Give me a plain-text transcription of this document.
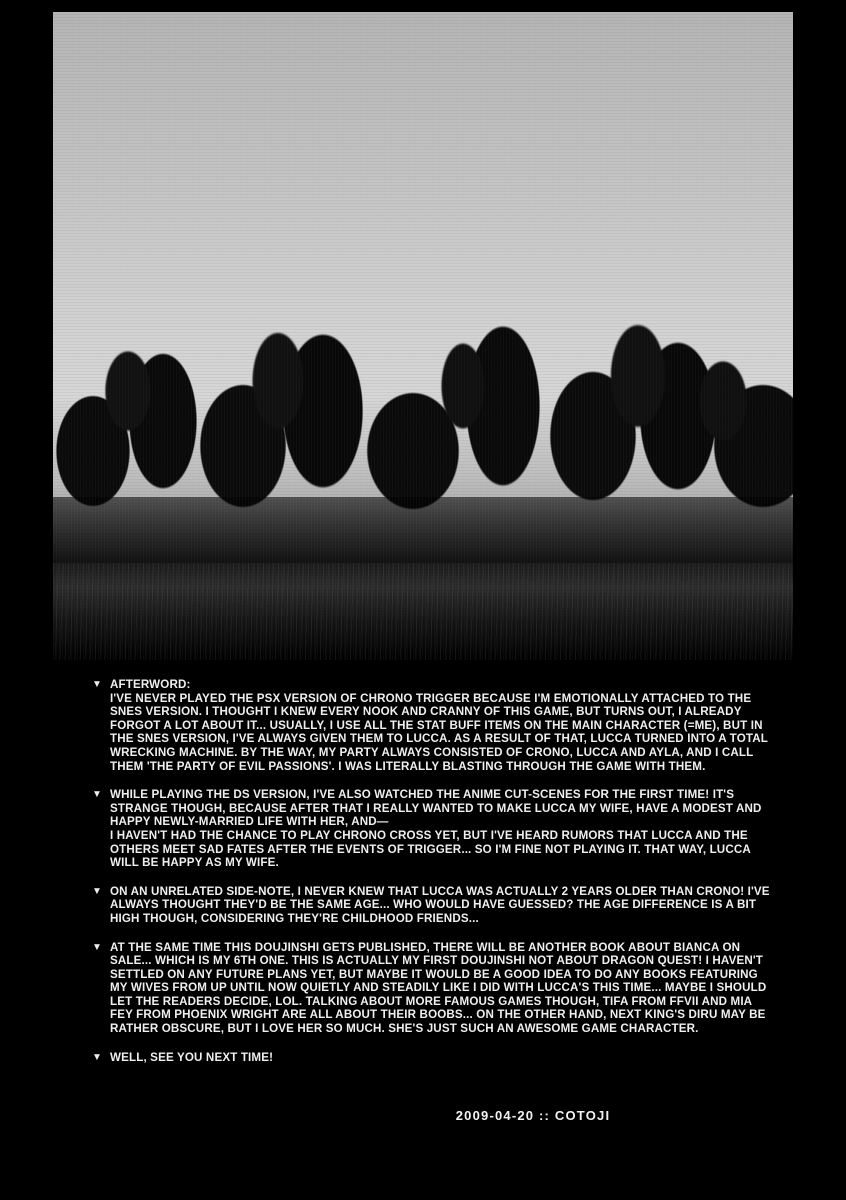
▼ AFTERWORD:
I'VE NEVER PLAYED THE PSX VERSION OF CHRONO TRIGGER BECAUSE I'M EMOTIONALLY ATTACHED TO THE SNES VERSION. I THOUGHT I KNEW EVERY NOOK AND CRANNY OF THIS GAME, BUT TURNS OUT, I ALREADY FORGOT A LOT ABOUT IT... USUALLY, I USE ALL THE STAT BUFF ITEMS ON THE MAIN CHARACTER (=ME), BUT IN THE SNES VERSION, I'VE ALWAYS GIVEN THEM TO LUCCA. AS A RESULT OF THAT, LUCCA TURNED INTO A TOTAL WRECKING MACHINE. BY THE WAY, MY PARTY ALWAYS CONSISTED OF CRONO, LUCCA AND AYLA, AND I CALL THEM 'THE PARTY OF EVIL PASSIONS'. I WAS LITERALLY BLASTING THROUGH THE GAME WITH THEM.
▼ WHILE PLAYING THE DS VERSION, I'VE ALSO WATCHED THE ANIME CUT-SCENES FOR THE FIRST TIME! IT'S STRANGE THOUGH, BECAUSE AFTER THAT I REALLY WANTED TO MAKE LUCCA MY WIFE, HAVE A MODEST AND HAPPY NEWLY-MARRIED LIFE WITH HER, AND—
I HAVEN'T HAD THE CHANCE TO PLAY CHRONO CROSS YET, BUT I'VE HEARD RUMORS THAT LUCCA AND THE OTHERS MEET SAD FATES AFTER THE EVENTS OF TRIGGER... SO I'M FINE NOT PLAYING IT. THAT WAY, LUCCA WILL BE HAPPY AS MY WIFE.
▼ ON AN UNRELATED SIDE-NOTE, I NEVER KNEW THAT LUCCA WAS ACTUALLY 2 YEARS OLDER THAN CRONO! I'VE ALWAYS THOUGHT THEY'D BE THE SAME AGE... WHO WOULD HAVE GUESSED? THE AGE DIFFERENCE IS A BIT HIGH THOUGH, CONSIDERING THEY'RE CHILDHOOD FRIENDS...
▼ AT THE SAME TIME THIS DOUJINSHI GETS PUBLISHED, THERE WILL BE ANOTHER BOOK ABOUT BIANCA ON SALE... WHICH IS MY 6TH ONE. THIS IS ACTUALLY MY FIRST DOUJINSHI NOT ABOUT DRAGON QUEST! I HAVEN'T SETTLED ON ANY FUTURE PLANS YET, BUT MAYBE IT WOULD BE A GOOD IDEA TO DO ANY BOOKS FEATURING MY WIVES FROM UP UNTIL NOW QUIETLY AND STEADILY LIKE I DID WITH LUCCA'S THIS TIME... MAYBE I SHOULD LET THE READERS DECIDE, LOL. TALKING ABOUT MORE FAMOUS GAMES THOUGH, TIFA FROM FFVII AND MIA FEY FROM PHOENIX WRIGHT ARE ALL ABOUT THEIR BOOBS... ON THE OTHER HAND, NEXT KING'S DIRU MAY BE RATHER OBSCURE, BUT I LOVE HER SO MUCH. SHE'S JUST SUCH AN AWESOME GAME CHARACTER.
▼ WELL, SEE YOU NEXT TIME!
2009-04-20 :: COTOJI
